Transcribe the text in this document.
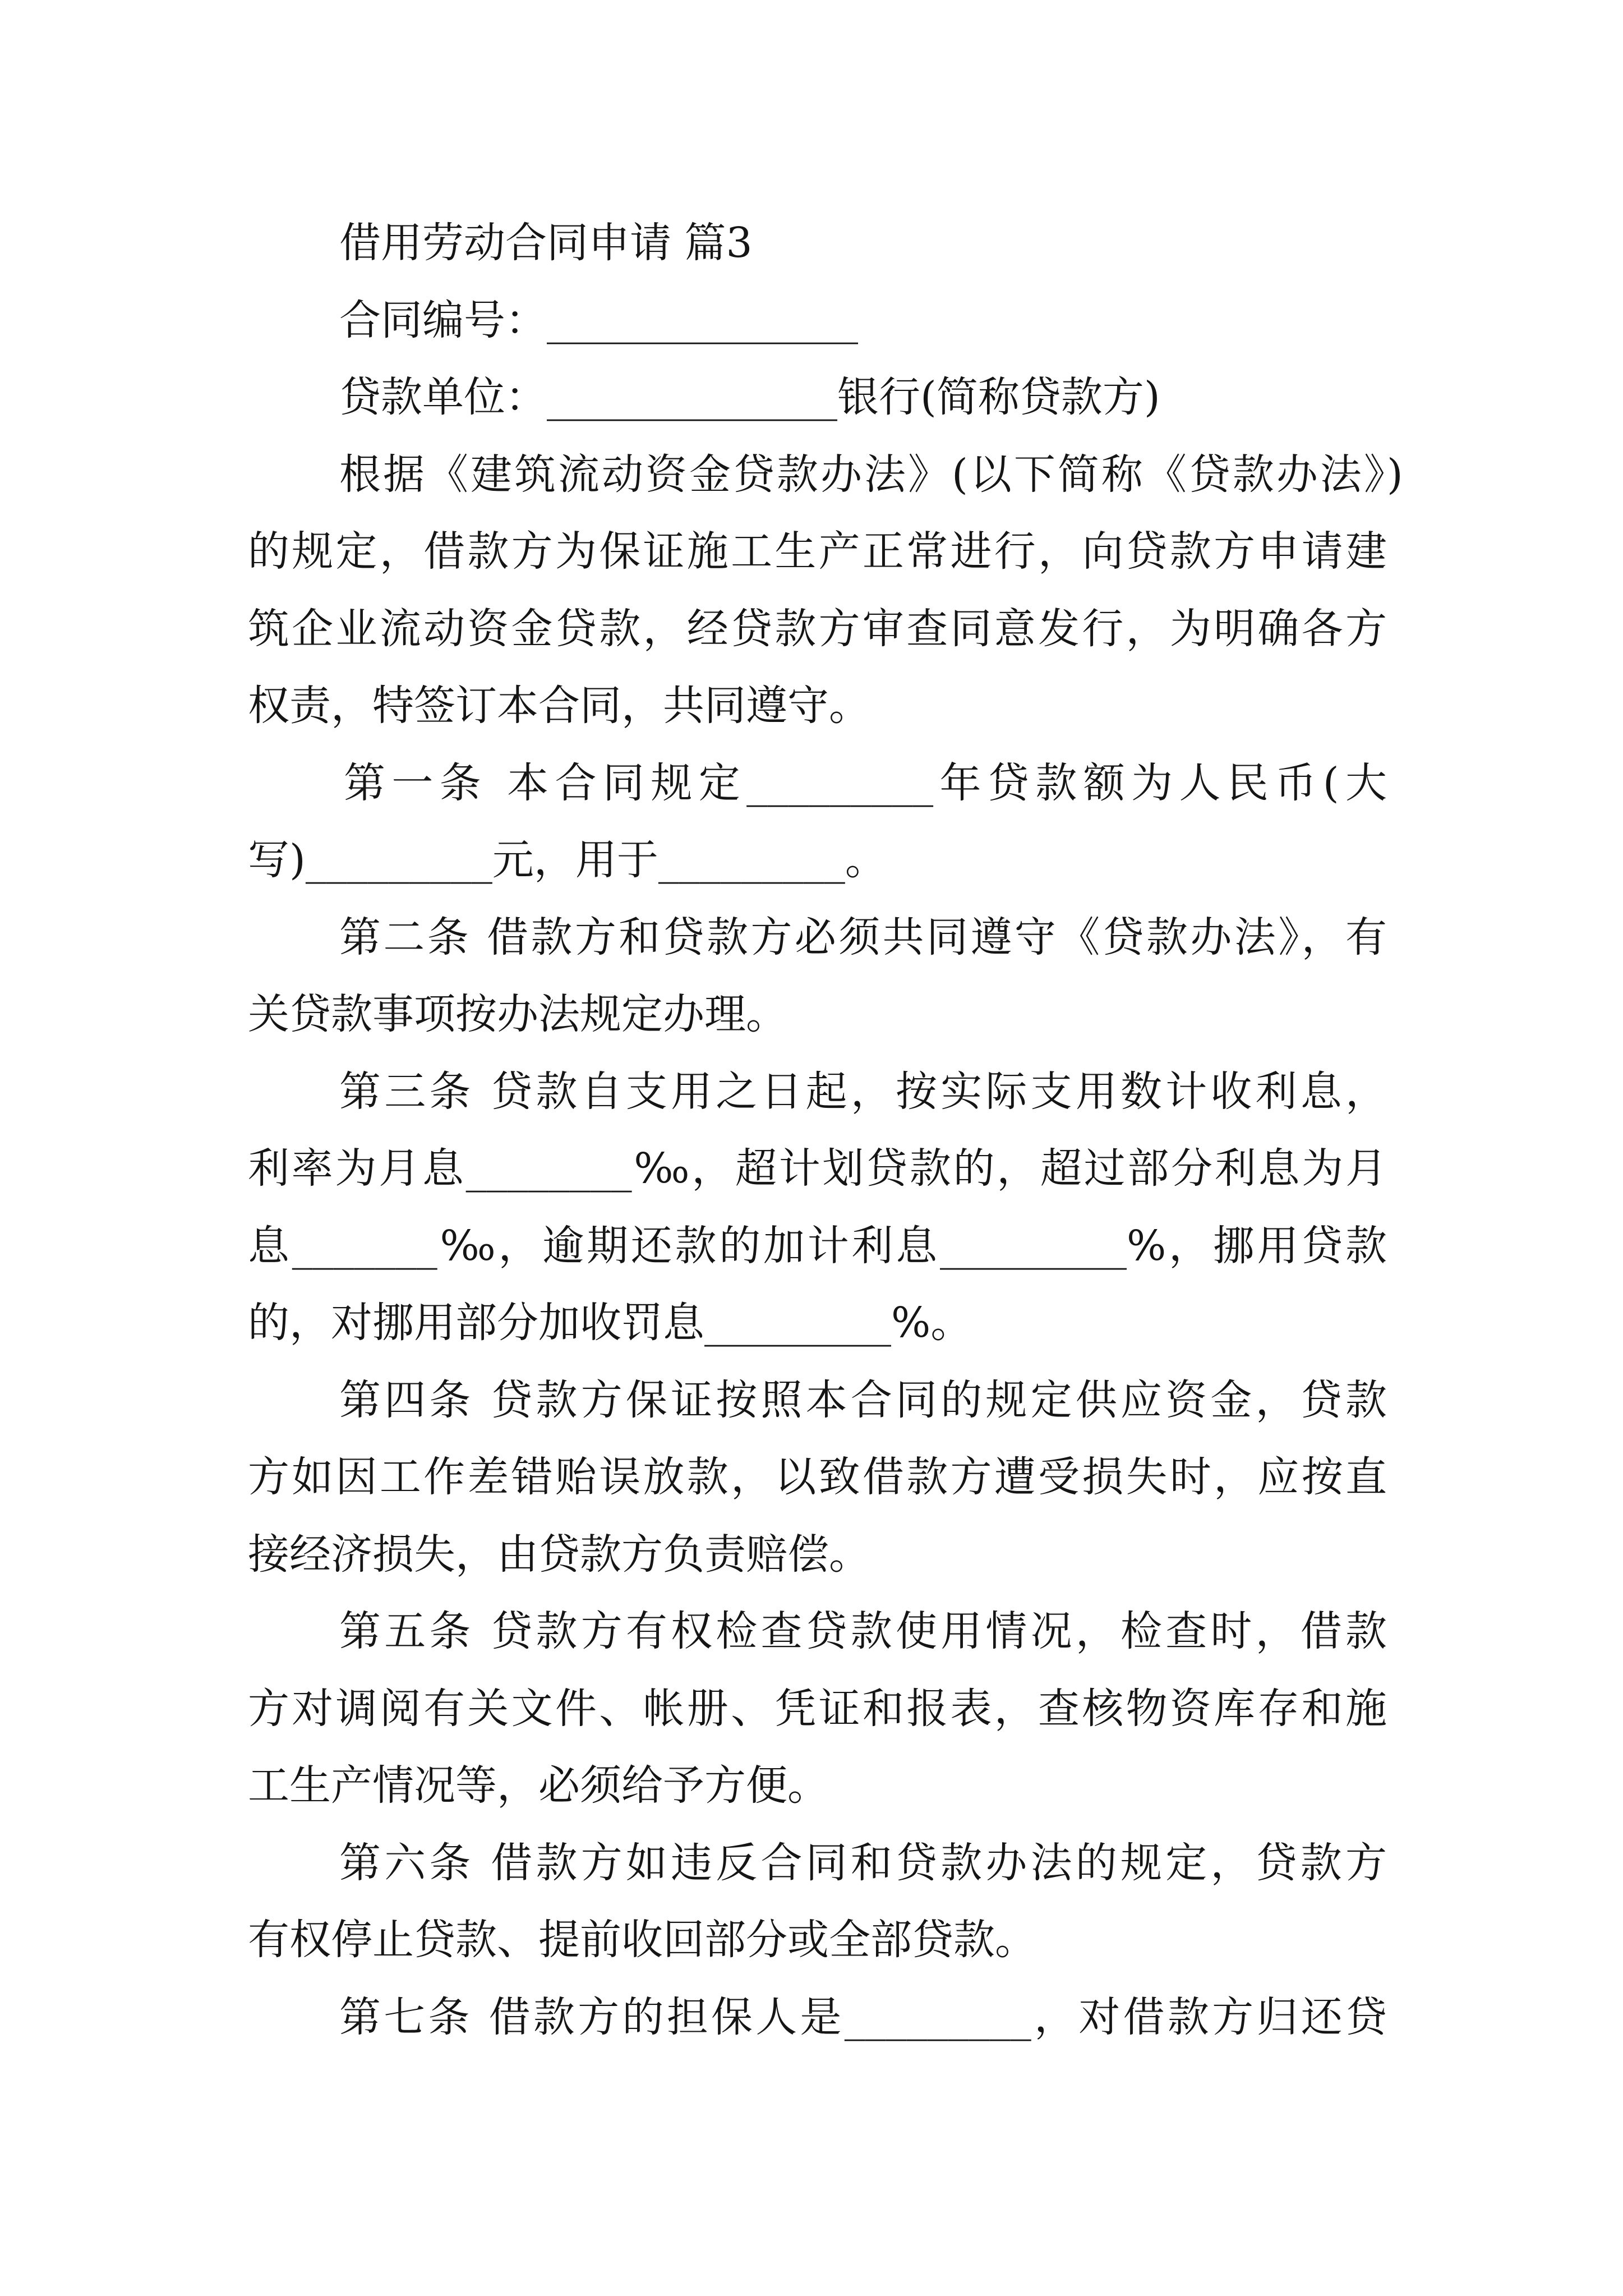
借用劳动合同申请 篇3
合同编号：_______________
贷款单位：______________银行(简称贷款方)
根据《建筑流动资金贷款办法》(以下简称《贷款办法》)
的规定，借款方为保证施工生产正常进行，向贷款方申请建
筑企业流动资金贷款，经贷款方审查同意发行，为明确各方
权责，特签订本合同，共同遵守。
第一条 本合同规定_________年贷款额为人民币(大
写)_________元，用于_________。
第二条 借款方和贷款方必须共同遵守《贷款办法》，有
关贷款事项按办法规定办理。
第三条 贷款自支用之日起，按实际支用数计收利息，
利率为月息________‰，超计划贷款的，超过部分利息为月
息_______‰，逾期还款的加计利息_________%，挪用贷款
的，对挪用部分加收罚息_________%。
第四条 贷款方保证按照本合同的规定供应资金，贷款
方如因工作差错贻误放款，以致借款方遭受损失时，应按直
接经济损失，由贷款方负责赔偿。
第五条 贷款方有权检查贷款使用情况，检查时，借款
方对调阅有关文件、帐册、凭证和报表，查核物资库存和施
工生产情况等，必须给予方便。
第六条 借款方如违反合同和贷款办法的规定，贷款方
有权停止贷款、提前收回部分或全部贷款。
第七条 借款方的担保人是_________，对借款方归还贷
